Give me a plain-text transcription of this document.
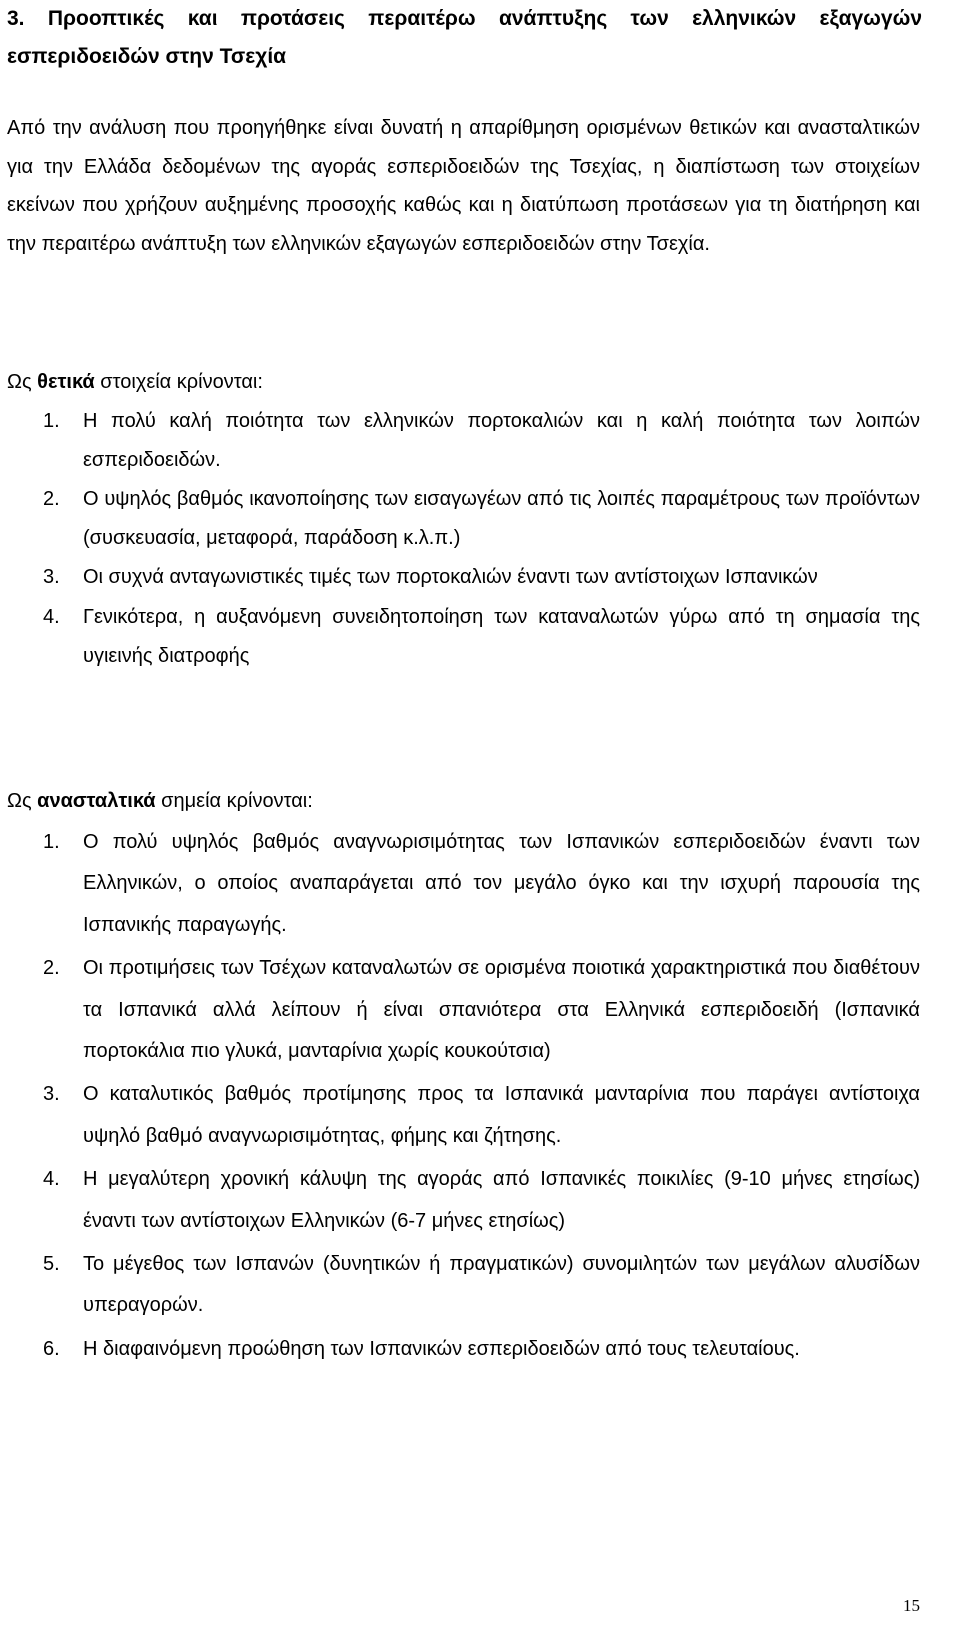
3. Προοπτικές και προτάσεις περαιτέρω ανάπτυξης των ελληνικών εξαγωγών εσπεριδοειδών στην Τσεχία
Από την ανάλυση που προηγήθηκε είναι δυνατή η απαρίθμηση ορισμένων θετικών και ανασταλτικών για την Ελλάδα δεδομένων της αγοράς εσπεριδοειδών της Τσεχίας, η διαπίστωση των στοιχείων εκείνων που χρήζουν αυξημένης προσοχής καθώς και η διατύπωση προτάσεων για τη διατήρηση και την περαιτέρω ανάπτυξη των ελληνικών εξαγωγών εσπεριδοειδών στην Τσεχία.
Ως θετικά στοιχεία κρίνονται:
1. Η πολύ καλή ποιότητα των ελληνικών πορτοκαλιών και η καλή ποιότητα των λοιπών εσπεριδοειδών.
2. Ο υψηλός βαθμός ικανοποίησης των εισαγωγέων από τις λοιπές παραμέτρους των προϊόντων (συσκευασία, μεταφορά, παράδοση κ.λ.π.)
3. Οι συχνά ανταγωνιστικές τιμές των πορτοκαλιών έναντι των αντίστοιχων Ισπανικών
4. Γενικότερα, η αυξανόμενη συνειδητοποίηση των καταναλωτών γύρω από τη σημασία της υγιεινής διατροφής
Ως ανασταλτικά σημεία κρίνονται:
1. Ο πολύ υψηλός βαθμός αναγνωρισιμότητας των Ισπανικών εσπεριδοειδών έναντι των Ελληνικών, ο οποίος αναπαράγεται από τον μεγάλο όγκο και την ισχυρή παρουσία της Ισπανικής παραγωγής.
2. Οι προτιμήσεις των Τσέχων καταναλωτών σε ορισμένα ποιοτικά χαρακτηριστικά που διαθέτουν τα Ισπανικά αλλά λείπουν ή είναι σπανιότερα στα Ελληνικά εσπεριδοειδή (Ισπανικά πορτοκάλια πιο γλυκά, μανταρίνια χωρίς κουκούτσια)
3. Ο καταλυτικός βαθμός προτίμησης προς τα Ισπανικά μανταρίνια που παράγει αντίστοιχα υψηλό βαθμό αναγνωρισιμότητας, φήμης και ζήτησης.
4. Η μεγαλύτερη χρονική κάλυψη της αγοράς από Ισπανικές ποικιλίες (9-10 μήνες ετησίως) έναντι των αντίστοιχων Ελληνικών (6-7 μήνες ετησίως)
5. Το μέγεθος των Ισπανών (δυνητικών ή πραγματικών) συνομιλητών των μεγάλων αλυσίδων υπεραγορών.
6. Η διαφαινόμενη προώθηση των Ισπανικών εσπεριδοειδών από τους τελευταίους.
15
